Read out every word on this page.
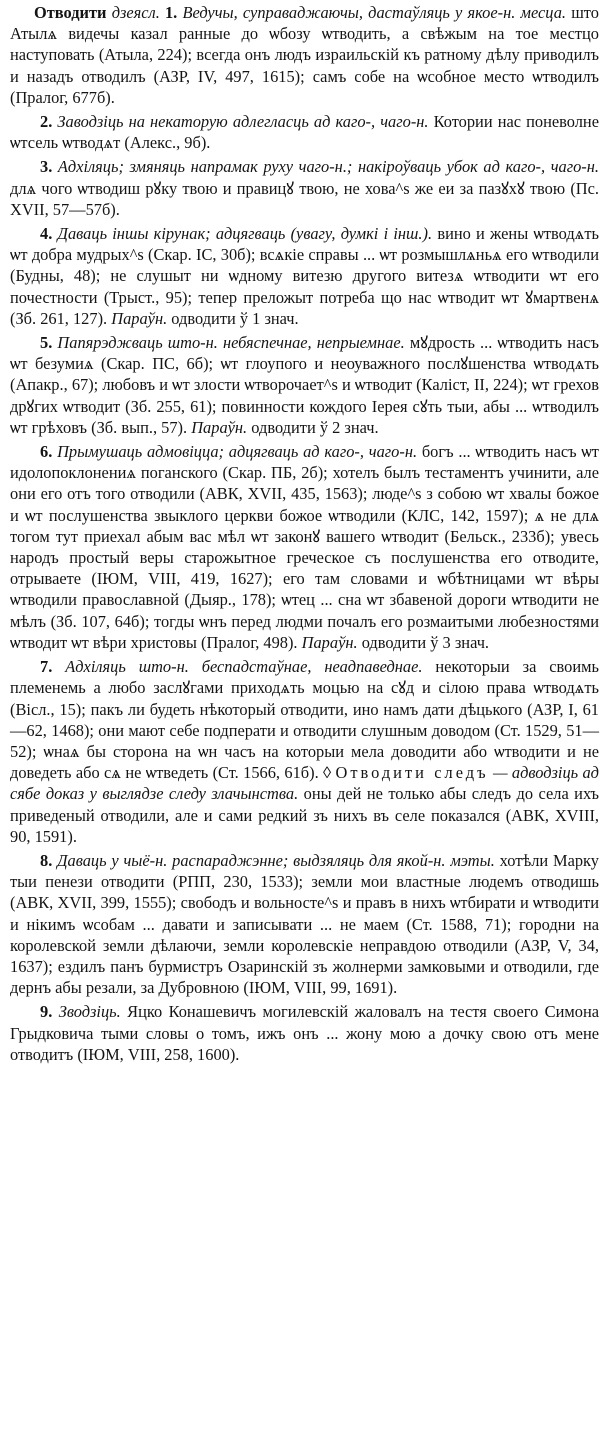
Отводити дзеясл. 1. Ведучы, суправаджаючы, дастаўляць у якое-н. месца. што Атылѧ видечы казал ранные до ѡбозу ѡтводить, а свѣжым на тое местцо наступовать (Атыла, 224); всегда онъ людъ израильскій къ ратному дѣлу приводилъ и назадъ отводилъ (АЗР, IV, 497, 1615); самъ собе на ѡсобное место ѡтводилъ (Пралог, 677б).

2. Заводзіць на некаторую адлегласць ад каго-, чаго-н. Котории нас поневолне ѡтсель ѡтводѧт (Алекс., 9б).

3. Адхіляць; змяняць напрамак руху чаго-н.; накіроўваць убок ад каго-, чаго-н. длѧ чого ѡтводиш рꙋку твою и правицꙋ твою, не хова^s же еи за пазꙋхꙋ твою (Пс. XVII, 57—57б).

4. Даваць іншы кірунак; адцягваць (увагу, думкі і інш.). вино и жены ѡтводѧть ѡт добра мудрых^s (Скар. ІС, 30б); всѧкіе справы ... ѡт розмышлѧньѧ его ѡтводили (Будны, 48); не слушыт ни ѡдному витезю другого витезѧ ѡтводити ѡт его почестности (Трыст., 95); тепер преложыт потреба що нас ѡтводит ѡт ꙋмартвенѧ (Зб. 261, 127). Параўн. одводити ў 1 знач.

5. Папярэджваць што-н. небяспечнае, непрыемнае. мꙋдрость ... ѡтводить насъ ѡт безумиѧ (Скар. ПС, 6б); ѡт глоупого и неоуважного послꙋшенства ѡтводѧть (Апакр., 67); любовъ и ѡт злости ѡтворочает^s и ѡтводит (Каліст, II, 224); ѡт грехов дрꙋгих ѡтводит (Зб. 255, 61); повинности кождого Іерея сꙋть тыи, абы ... ѡтводилъ ѡт грѣховъ (Зб. вып., 57). Параўн. одводити ў 2 знач.

6. Прымушаць адмовіцца; адцягваць ад каго-, чаго-н. богъ ... ѡтводить насъ ѡт идолопоклонениѧ поганского (Скар. ПБ, 2б); хотелъ былъ тестаментъ учинити, але они его отъ того отводили (АВК, XVII, 435, 1563); люде^s з собою ѡт хвалы божое и ѡт послушенства звыклого церкви божое ѡтводили (КЛС, 142, 1597); ѧ не длѧ тогом тут приехал абым вас мѣл ѡт законꙋ вашего ѡтводит (Бельск., 233б); увесь народъ простый веры старожытное греческое съ послушенства его отводите, отрываете (ІЮМ, VIII, 419, 1627); его там словами и ѡбѣтницами ѡт вѣры ѡтводили православной (Дыяр., 178); ѡтец ... сна ѡт збавеной дороги ѡтводити не мѣлъ (Зб. 107, 64б); тогды ѡнъ перед людми почалъ его розмаитыми любезностями ѡтводит ѡт вѣри христовы (Пралог, 498). Параўн. одводити ў 3 знач.

7. Адхіляць што-н. беспадстаўнае, неадпаведнае. некоторыи за своимь племенемь а любо заслꙋгами приходѧть моцью на сꙋд и сілою права ѡтводѧть (Вісл., 15); пакъ ли будеть нѣкоторый отводити, ино намъ дати дѣцького (АЗР, І, 61—62, 1468); они мают себе подперати и отводити слушным доводом (Ст. 1529, 51—52); ѡнаѧ бы сторона на ѡн часъ на которыи мела доводити або ѡтводити и не доведеть або сѧ не ѡтведеть (Ст. 1566, 61б). ◊ Отводити следъ — адводзіць ад сябе доказ у выглядзе следу злачынства. оны дей не только абы следъ до села ихъ приведеный отводили, але и сами редкий зъ нихъ въ селе показался (АВК, XVIII, 90, 1591).

8. Даваць у чыё-н. распараджэнне; выдзяляць для якой-н. мэты. хотѣли Марку тыи пенези отводити (РПП, 230, 1533); земли мои властные людемъ отводишь (АВК, XVII, 399, 1555); свободъ и вольносте^s и правъ в нихъ ѡтбирати и ѡтводити и нікимъ ѡсобам ... давати и записывати ... не маем (Ст. 1588, 71); городни на королевской земли дѣлаючи, земли королевскіе неправдою отводили (АЗР, V, 34, 1637); ездилъ панъ бурмистръ Озаринскій зъ жолнерми замковыми и отводили, где дернъ абы резали, за Дубровною (ІЮМ, VIII, 99, 1691).

9. Зводзіць. Яцко Конашевичъ могилевскій жаловалъ на тестя своего Симона Грыдковича тыми словы о томъ, ижъ онъ ... жону мою а дочку свою отъ мене отводитъ (ІЮМ, VIII, 258, 1600).
